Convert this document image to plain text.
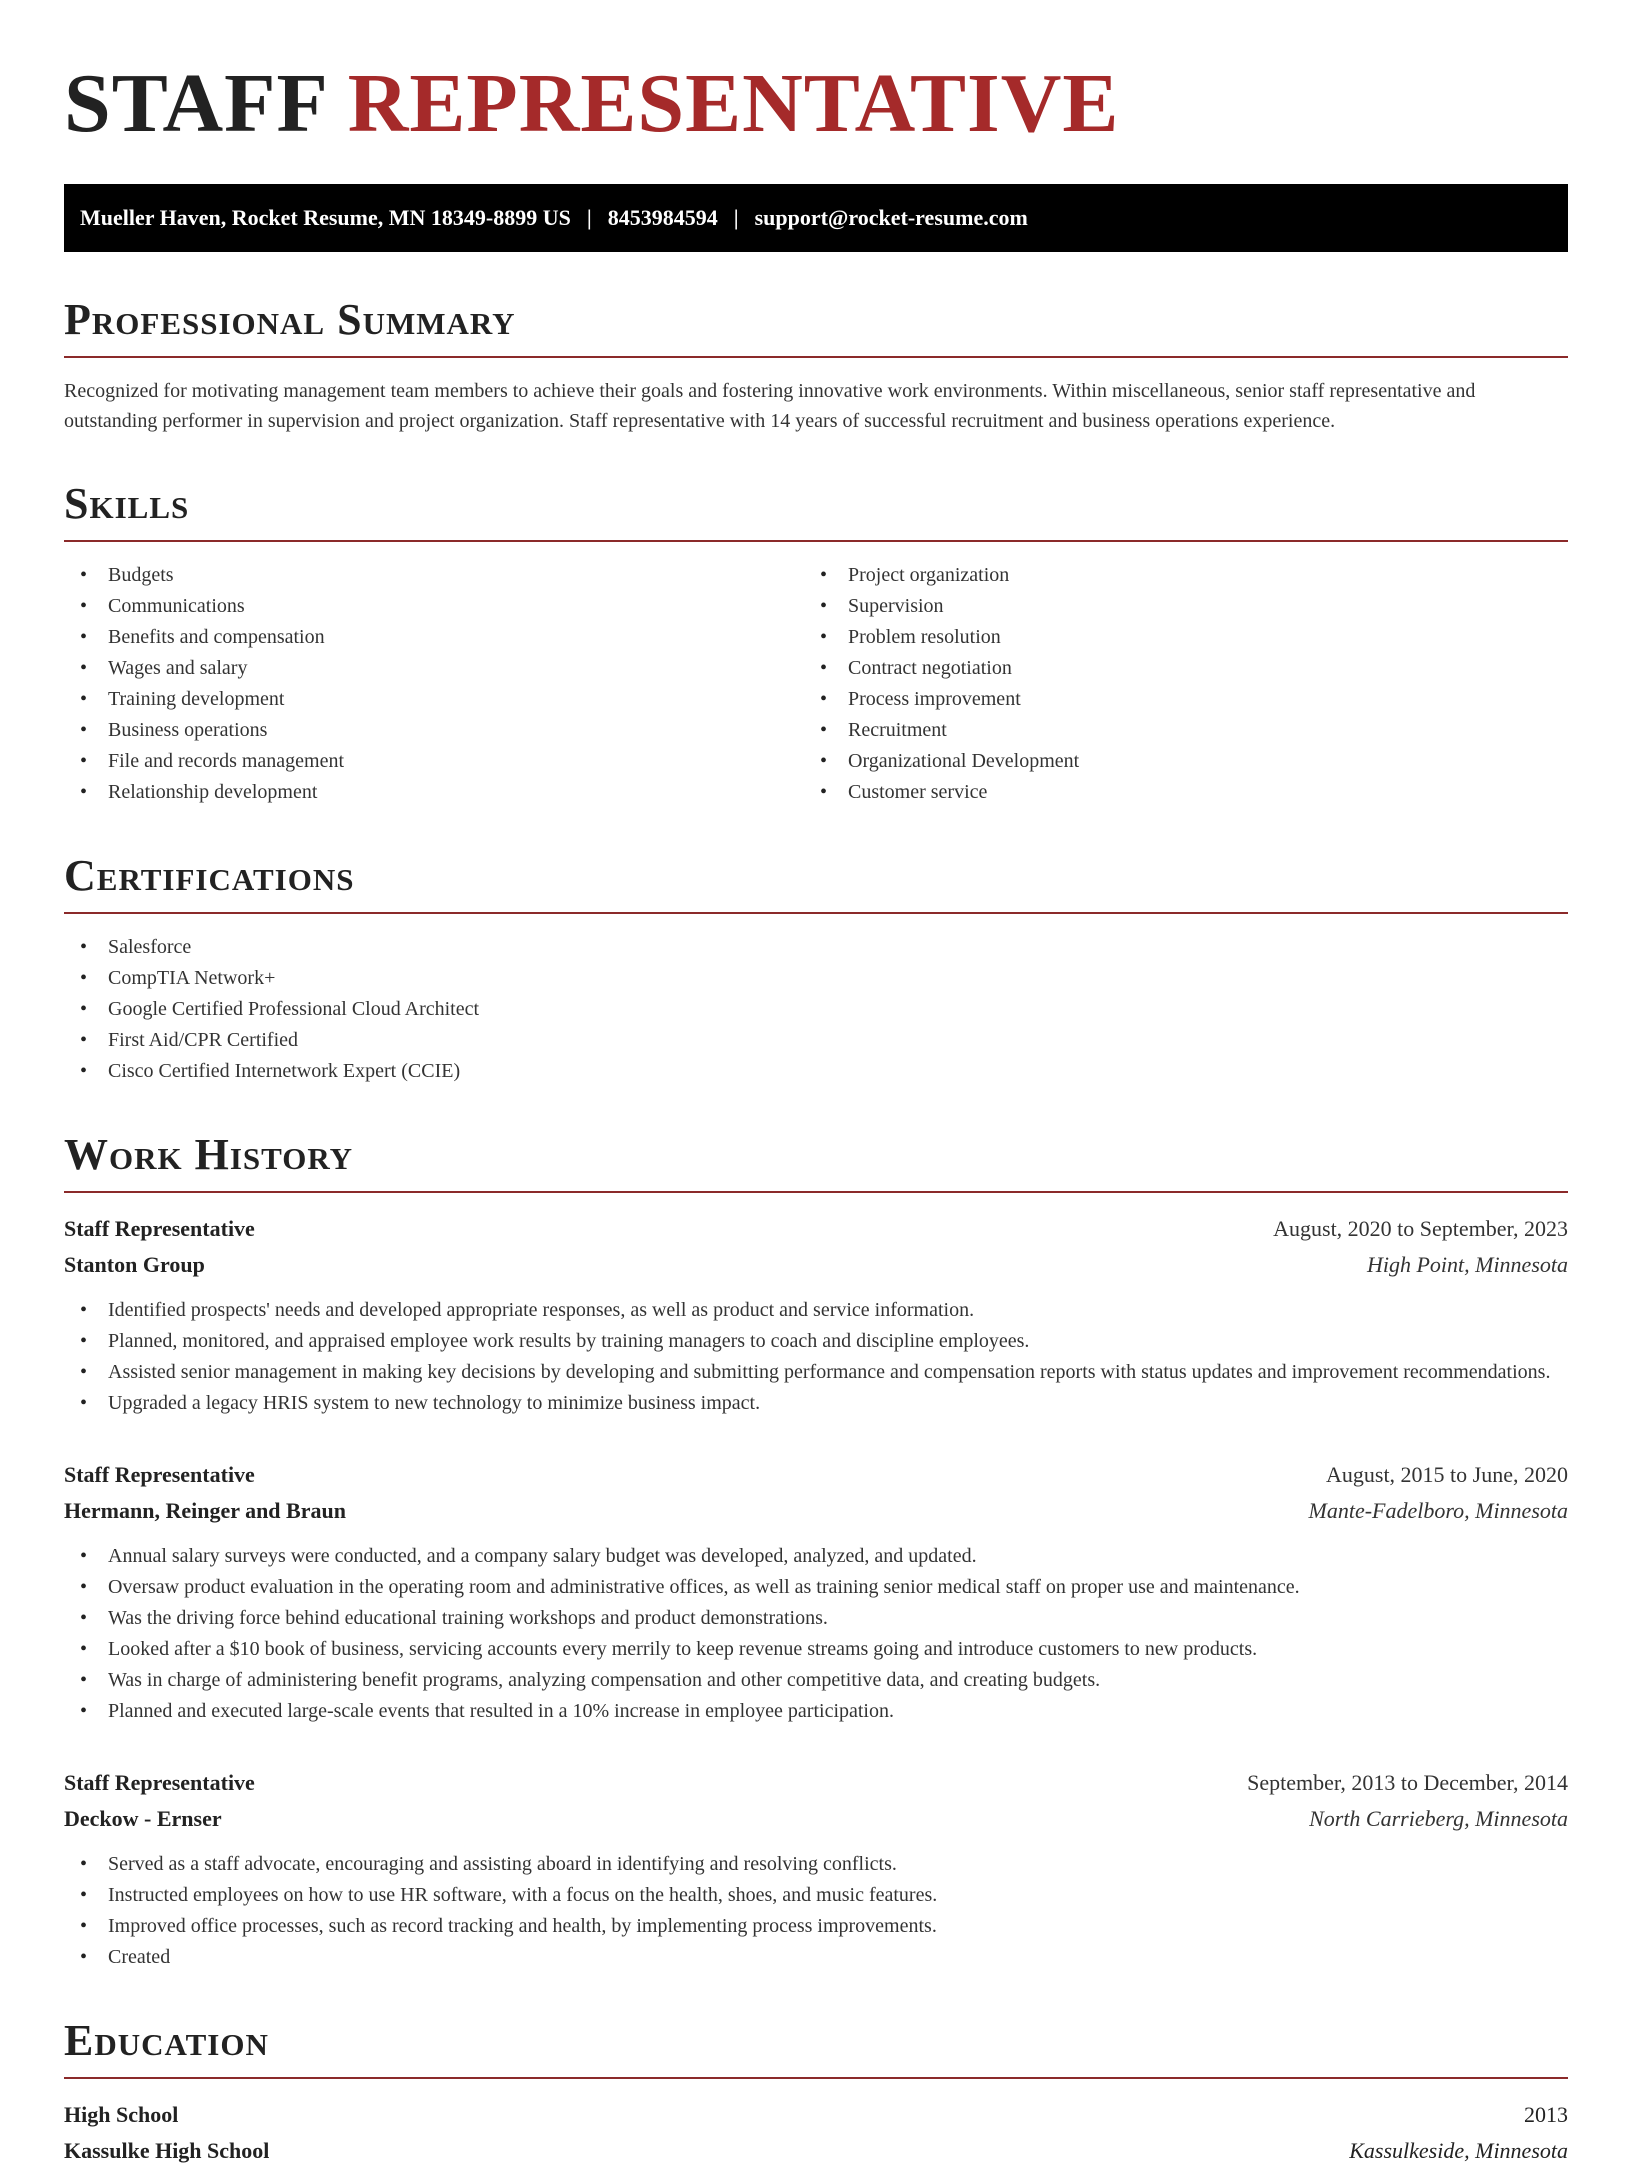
STAFF REPRESENTATIVE
Mueller Haven, Rocket Resume, MN 18349-8899 US | 8453984594 | support@rocket-resume.com
Professional Summary

Recognized for motivating management team members to achieve their goals and fostering innovative work environments. Within miscellaneous, senior staff representative and outstanding performer in supervision and project organization. Staff representative with 14 years of successful recruitment and business operations experience.

Skills
• Budgets
• Communications
• Benefits and compensation
• Wages and salary
• Training development
• Business operations
• File and records management
• Relationship development
• Project organization
• Supervision
• Problem resolution
• Contract negotiation
• Process improvement
• Recruitment
• Organizational Development
• Customer service
Certifications
• Salesforce
• CompTIA Network+
• Google Certified Professional Cloud Architect
• First Aid/CPR Certified
• Cisco Certified Internetwork Expert (CCIE)
Work History
Staff Representative	August, 2020 to September, 2023
Stanton Group	High Point, Minnesota
• Identified prospects' needs and developed appropriate responses, as well as product and service information.
• Planned, monitored, and appraised employee work results by training managers to coach and discipline employees.
• Assisted senior management in making key decisions by developing and submitting performance and compensation reports with status updates and improvement recommendations.
• Upgraded a legacy HRIS system to new technology to minimize business impact.
Staff Representative	August, 2015 to June, 2020
Hermann, Reinger and Braun	Mante-Fadelboro, Minnesota
• Annual salary surveys were conducted, and a company salary budget was developed, analyzed, and updated.
• Oversaw product evaluation in the operating room and administrative offices, as well as training senior medical staff on proper use and maintenance.
• Was the driving force behind educational training workshops and product demonstrations.
• Looked after a $10 book of business, servicing accounts every merrily to keep revenue streams going and introduce customers to new products.
• Was in charge of administering benefit programs, analyzing compensation and other competitive data, and creating budgets.
• Planned and executed large-scale events that resulted in a 10% increase in employee participation.
Staff Representative	September, 2013 to December, 2014
Deckow - Ernser	North Carrieberg, Minnesota
• Served as a staff advocate, encouraging and assisting aboard in identifying and resolving conflicts.
• Instructed employees on how to use HR software, with a focus on the health, shoes, and music features.
• Improved office processes, such as record tracking and health, by implementing process improvements.
• Created
Education
High School	2013
Kassulke High School	Kassulkeside, Minnesota
